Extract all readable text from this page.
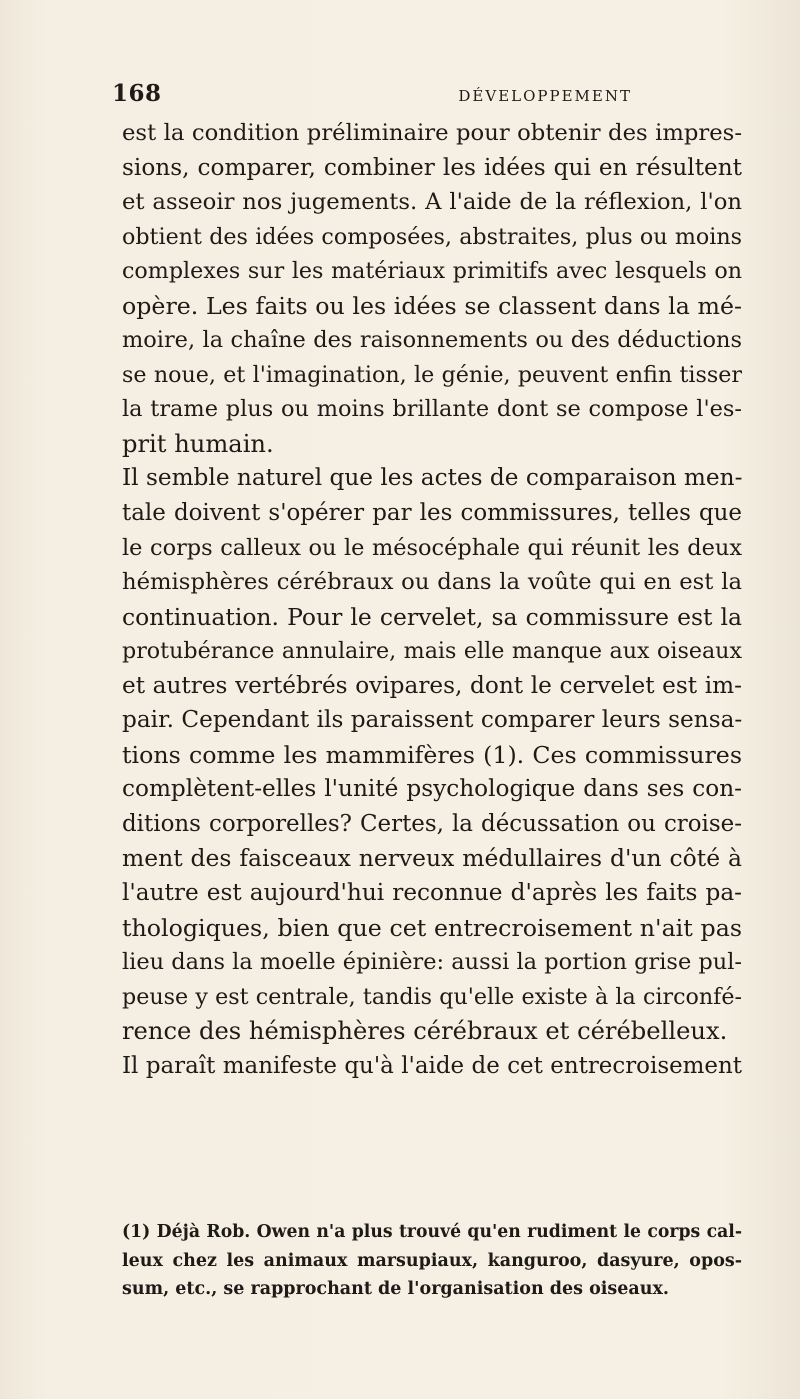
168	DÉVELOPPEMENT
est la condition préliminaire pour obtenir des impres-
sions, comparer, combiner les idées qui en résultent
et asseoir nos jugements. A l'aide de la réflexion, l'on
obtient des idées composées, abstraites, plus ou moins
complexes sur les matériaux primitifs avec lesquels on
opère. Les faits ou les idées se classent dans la mé-
moire, la chaîne des raisonnements ou des déductions
se noue, et l'imagination, le génie, peuvent enfin tisser
la trame plus ou moins brillante dont se compose l'es-
prit humain.
Il semble naturel que les actes de comparaison men-
tale doivent s'opérer par les commissures, telles que
le corps calleux ou le mésocéphale qui réunit les deux
hémisphères cérébraux ou dans la voûte qui en est la
continuation. Pour le cervelet, sa commissure est la
protubérance annulaire, mais elle manque aux oiseaux
et autres vertébrés ovipares, dont le cervelet est im-
pair. Cependant ils paraissent comparer leurs sensa-
tions comme les mammifères (1). Ces commissures
complètent-elles l'unité psychologique dans ses con-
ditions corporelles? Certes, la décussation ou croise-
ment des faisceaux nerveux médullaires d'un côté à
l'autre est aujourd'hui reconnue d'après les faits pa-
thologiques, bien que cet entrecroisement n'ait pas
lieu dans la moelle épinière: aussi la portion grise pul-
peuse y est centrale, tandis qu'elle existe à la circonfé-
rence des hémisphères cérébraux et cérébelleux.
Il paraît manifeste qu'à l'aide de cet entrecroisement
(1) Déjà Rob. Owen n'a plus trouvé qu'en rudiment le corps cal-
leux chez les animaux marsupiaux, kanguroo, dasyure, opos-
sum, etc., se rapprochant de l'organisation des oiseaux.
